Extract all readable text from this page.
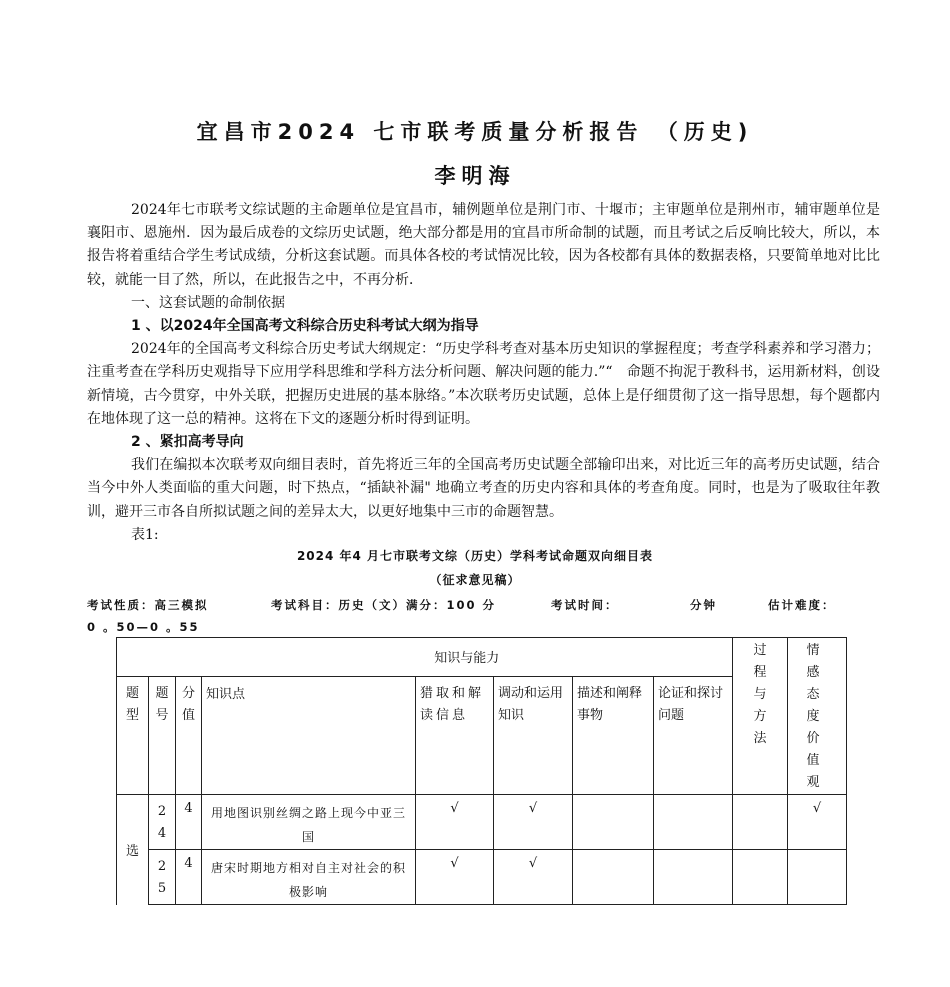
宜昌市2024 七市联考质量分析报告 （历史)
李明海

2024年七市联考文综试题的主命题单位是宜昌市，辅例题单位是荆门市、十堰市；主审题单位是荆州市，辅审题单位是襄阳市、恩施州．因为最后成卷的文综历史试题，绝大部分都是用的宜昌市所命制的试题，而且考试之后反响比较大，所以，本报告将着重结合学生考试成绩，分析这套试题。而具体各校的考试情况比较，因为各校都有具体的数据表格，只要简单地对比比较，就能一目了然，所以，在此报告之中，不再分析．

一、这套试题的命制依据

1 、以2024年全国高考文科综合历史科考试大纲为指导

2024年的全国高考文科综合历史考试大纲规定：“历史学科考查对基本历史知识的掌握程度；考查学科素养和学习潜力；注重考查在学科历史观指导下应用学科思维和学科方法分析问题、解决问题的能力.”“　命题不拘泥于教科书，运用新材料，创设新情境，古今贯穿，中外关联，把握历史进展的基本脉络。”本次联考历史试题，总体上是仔细贯彻了这一指导思想，每个题都内在地体现了这一总的精神。这将在下文的逐题分析时得到证明。

2 、紧扣高考导向

我们在编拟本次联考双向细目表时，首先将近三年的全国高考历史试题全部输印出来，对比近三年的高考历史试题，结合当今中外人类面临的重大问题，时下热点，“插缺补漏" 地确立考查的历史内容和具体的考查角度。同时，也是为了吸取往年教训，避开三市各自所拟试题之间的差异太大，以更好地集中三市的命题智慧。

表1:

2024 年4 月七市联考文综（历史）学科考试命题双向细目表
（征求意见稿）
考试性质：高三模拟	考试科目：历史（文）满分：100 分	考试时间：	分钟	估计难度：
0 。50—0 。55
			知识与能力					过程与方法	情感态度价值观

题型	题号	分值	知识点	猎取和解读信息	调动和运用知识	描述和阐释事物	论证和探讨问题		
选	24	4	用地图识别丝绸之路上现今中亚三国	√	√				√

	25	4	唐宋时期地方相对自主对社会的积极影响	√	√				
